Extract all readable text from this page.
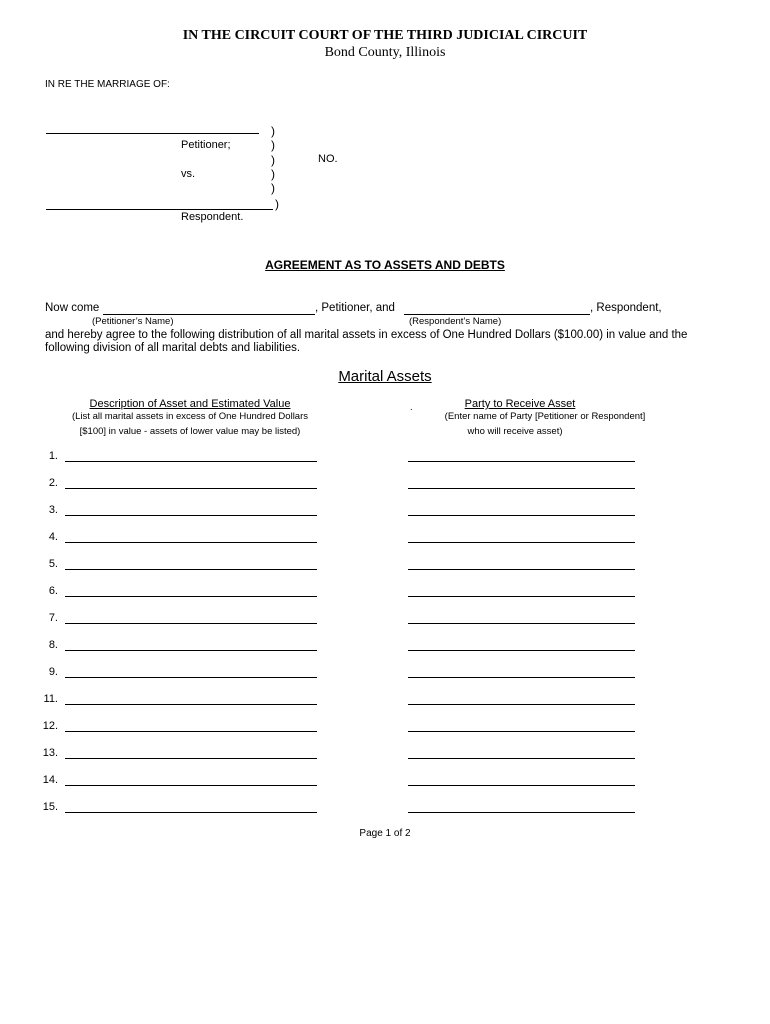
IN THE CIRCUIT COURT OF THE THIRD JUDICIAL CIRCUIT
Bond County, Illinois
IN RE THE MARRIAGE OF:
)
Petitioner;	)
)	NO.
vs.	)
)
)
Respondent.
AGREEMENT AS TO ASSETS AND DEBTS
Now come	, Petitioner, and	, Respondent,
(Petitioner’s Name)	(Respondent’s Name)
and hereby agree to the following distribution of all marital assets in excess of One Hundred Dollars ($100.00) in value and the
following division of all marital debts and liabilities.
Marital Assets
Description of Asset and Estimated Value
(List all marital assets in excess of One Hundred Dollars
[$100] in value - assets of lower value may be listed)
.	Party to Receive Asset
(Enter name of Party [Petitioner or Respondent]
who will receive asset)
1.
2.
3.
4.
5.
6.
7.
8.
9.
11.
12.
13.
14.
15.
Page 1 of 2
